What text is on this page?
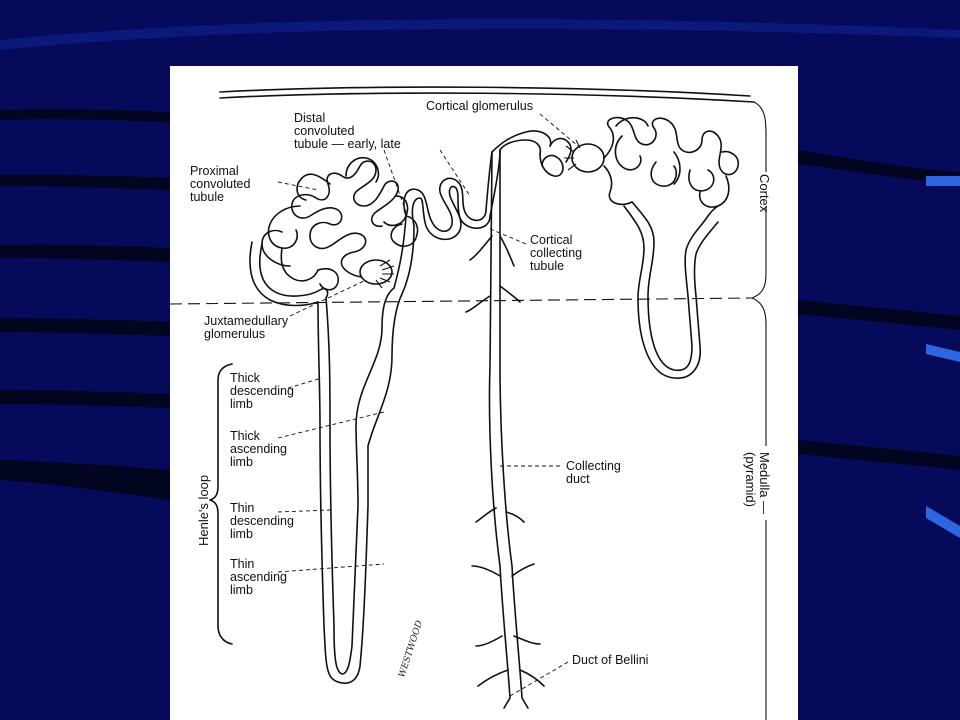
Cortical glomerulus
Distal
convoluted
tubule — early, late
Proximal
convoluted
tubule
Cortical
collecting
tubule
Juxtamedullary
glomerulus
Thick
descending
limb
Thick
ascending
limb
Thin
descending
limb
Thin
ascending
limb
Collecting
duct
Duct of Bellini
Henle's loop
Cortex
Medulla —
(pyramid)
WESTWOOD
